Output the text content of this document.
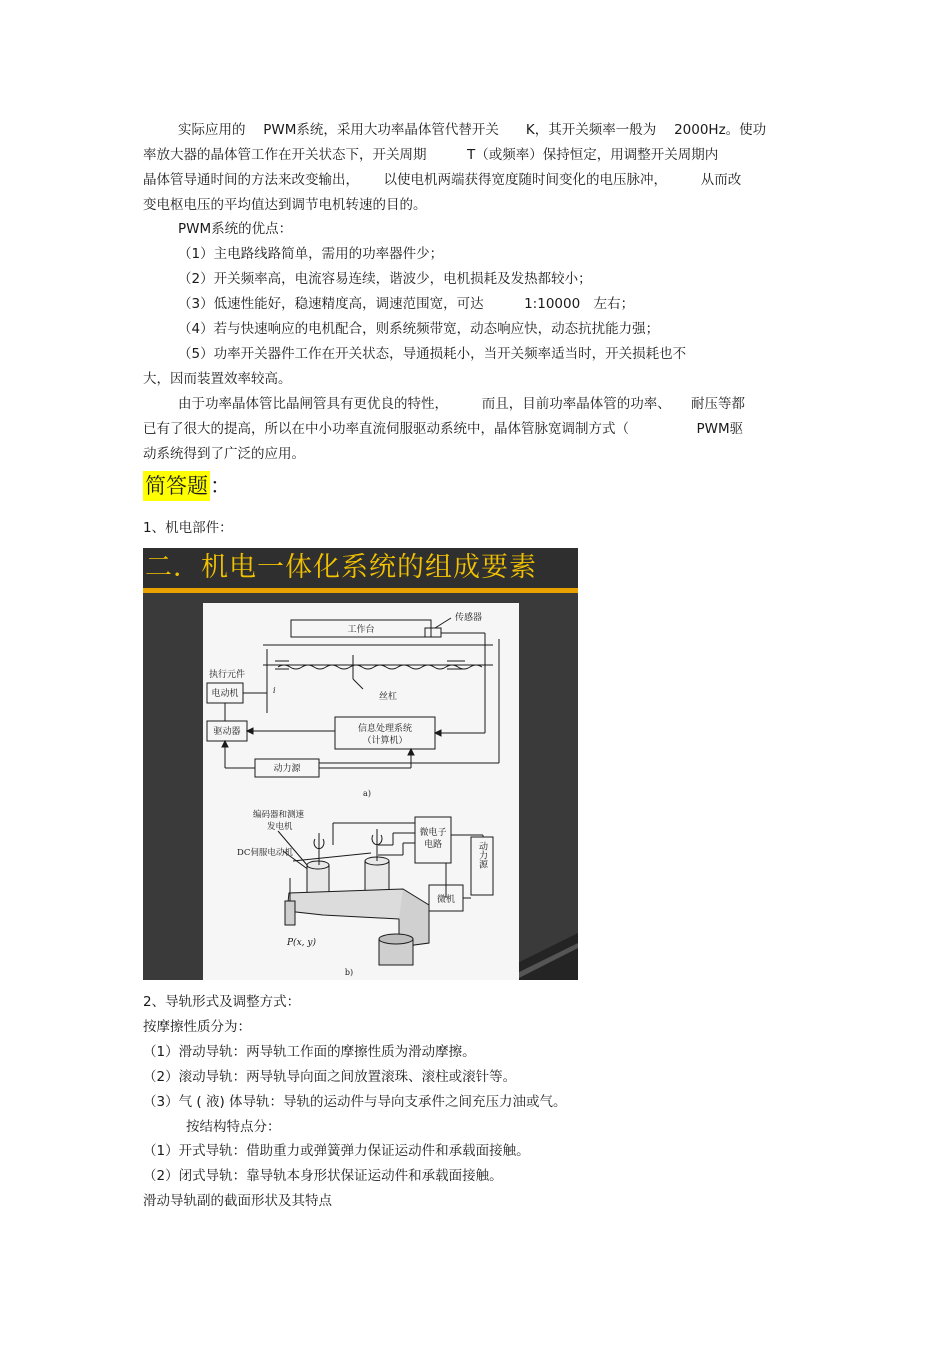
实际应用的　 PWM系统，采用大功率晶体管代替开关　　K，其开关频率一般为　 2000Hz。使功
率放大器的晶体管工作在开关状态下，开关周期　　　T（或频率）保持恒定，用调整开关周期内
晶体管导通时间的方法来改变输出，　　 以使电机两端获得宽度随时间变化的电压脉冲，　　　从而改
变电枢电压的平均值达到调节电机转速的目的。
PWM系统的优点：
（1）主电路线路简单，需用的功率器件少；
（2）开关频率高，电流容易连续，谐波少，电机损耗及发热都较小；
（3）低速性能好，稳速精度高，调速范围宽，可达　　　1:10000　左右；
（4）若与快速响应的电机配合，则系统频带宽，动态响应快，动态抗扰能力强；
（5）功率开关器件工作在开关状态，导通损耗小，当开关频率适当时，开关损耗也不
大，因而装置效率较高。
由于功率晶体管比晶闸管具有更优良的特性，　　　而且，目前功率晶体管的功率、　　耐压等都
已有了很大的提高，所以在中小功率直流伺服驱动系统中，晶体管脉宽调制方式（　　　　　PWM驱
动系统得到了广泛的应用。
简答题：
1、机电部件：
二．机电一体化系统的组成要素
工作台
传感器
执行元件
电动机	丝杠
i
驱动器	信息处理系统
（计算机）
动力源
a)
编码器和测速
发电机
DC伺服电动机
微电子
电路	动力源
微机
P(x, y)
b)
2、导轨形式及调整方式：
按摩擦性质分为：
（1）滑动导轨：两导轨工作面的摩擦性质为滑动摩擦。
（2）滚动导轨：两导轨导向面之间放置滚珠、滚柱或滚针等。
（3）气 ( 液) 体导轨：导轨的运动件与导向支承件之间充压力油或气。
按结构特点分：
（1）开式导轨：借助重力或弹簧弹力保证运动件和承载面接触。
（2）闭式导轨：靠导轨本身形状保证运动件和承载面接触。
滑动导轨副的截面形状及其特点
